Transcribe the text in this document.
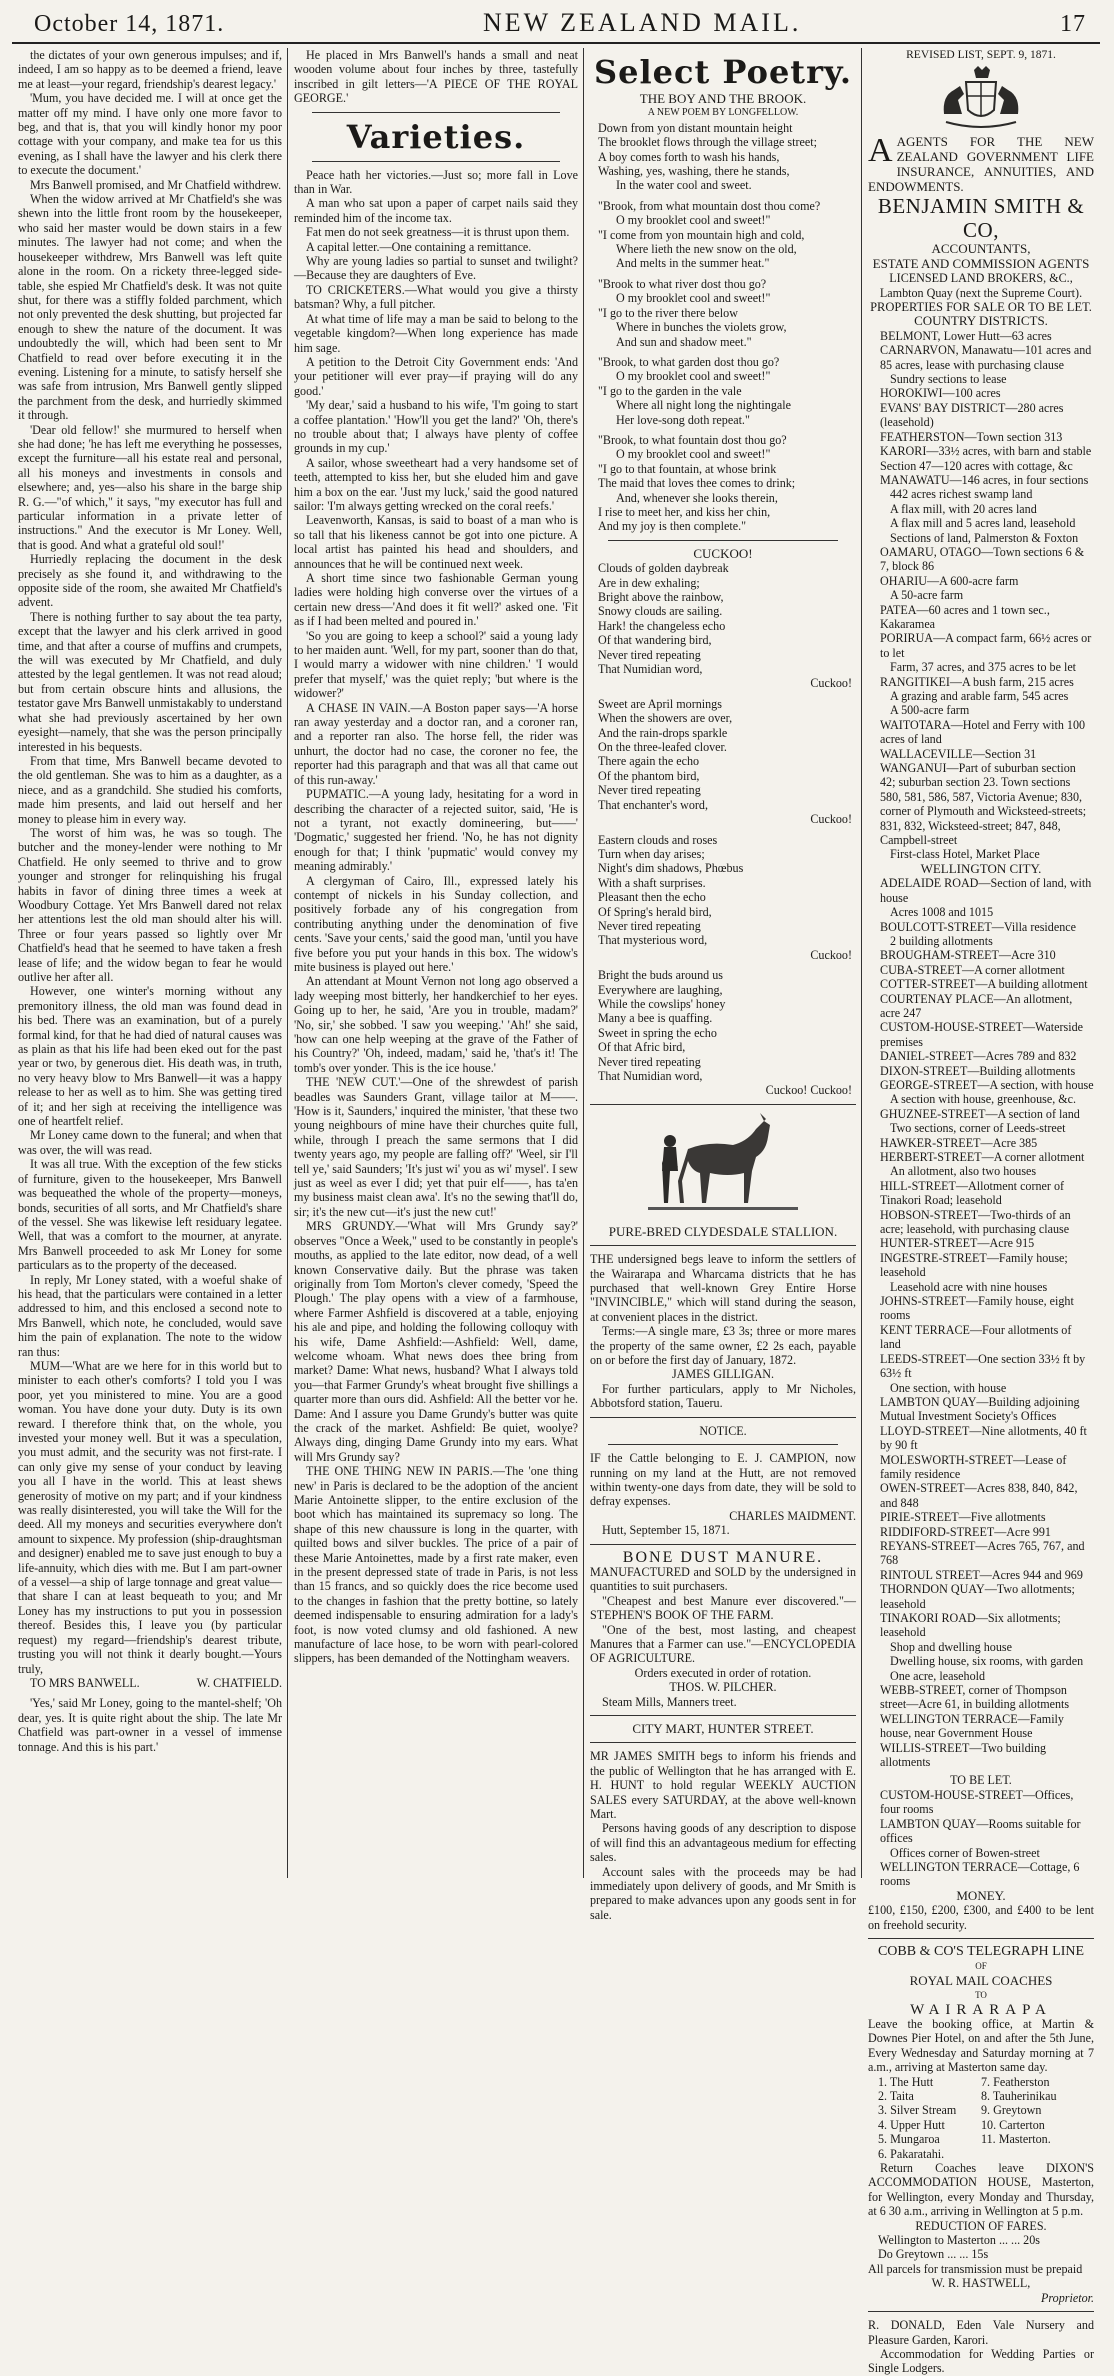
October 14, 1871.	NEW ZEALAND MAIL.	17

the dictates of your own generous impulses; and if, indeed, I am so happy as to be deemed a friend, leave me at least—your regard, friendship's dearest legacy.'

'Mum, you have decided me. I will at once get the matter off my mind. I have only one more favor to beg, and that is, that you will kindly honor my poor cottage with your company, and make tea for us this evening, as I shall have the lawyer and his clerk there to execute the document.'

Mrs Banwell promised, and Mr Chatfield withdrew.

When the widow arrived at Mr Chatfield's she was shewn into the little front room by the housekeeper, who said her master would be down stairs in a few minutes. The lawyer had not come; and when the housekeeper withdrew, Mrs Banwell was left quite alone in the room. On a rickety three-legged side-table, she espied Mr Chatfield's desk. It was not quite shut, for there was a stiffly folded parchment, which not only prevented the desk shutting, but projected far enough to shew the nature of the document. It was undoubtedly the will, which had been sent to Mr Chatfield to read over before executing it in the evening. Listening for a minute, to satisfy herself she was safe from intrusion, Mrs Banwell gently slipped the parchment from the desk, and hurriedly skimmed it through.

'Dear old fellow!' she murmured to herself when she had done; 'he has left me everything he possesses, except the furniture—all his estate real and personal, all his moneys and investments in consols and elsewhere; and, yes—also his share in the barge ship R. G.—"of which," it says, "my executor has full and particular information in a private letter of instructions." And the executor is Mr Loney. Well, that is good. And what a grateful old soul!'

Hurriedly replacing the document in the desk precisely as she found it, and withdrawing to the opposite side of the room, she awaited Mr Chatfield's advent.

There is nothing further to say about the tea party, except that the lawyer and his clerk arrived in good time, and that after a course of muffins and crumpets, the will was executed by Mr Chatfield, and duly attested by the legal gentlemen. It was not read aloud; but from certain obscure hints and allusions, the testator gave Mrs Banwell unmistakably to understand what she had previously ascertained by her own eyesight—namely, that she was the person principally interested in his bequests.

From that time, Mrs Banwell became devoted to the old gentleman. She was to him as a daughter, as a niece, and as a grandchild. She studied his comforts, made him presents, and laid out herself and her money to please him in every way.

The worst of him was, he was so tough. The butcher and the money-lender were nothing to Mr Chatfield. He only seemed to thrive and to grow younger and stronger for relinquishing his frugal habits in favor of dining three times a week at Woodbury Cottage. Yet Mrs Banwell dared not relax her attentions lest the old man should alter his will. Three or four years passed so lightly over Mr Chatfield's head that he seemed to have taken a fresh lease of life; and the widow began to fear he would outlive her after all.

However, one winter's morning without any premonitory illness, the old man was found dead in his bed. There was an examination, but of a purely formal kind, for that he had died of natural causes was as plain as that his life had been eked out for the past year or two, by generous diet. His death was, in truth, no very heavy blow to Mrs Banwell—it was a happy release to her as well as to him. She was getting tired of it; and her sigh at receiving the intelligence was one of heartfelt relief.

Mr Loney came down to the funeral; and when that was over, the will was read.

It was all true. With the exception of the few sticks of furniture, given to the housekeeper, Mrs Banwell was bequeathed the whole of the property—moneys, bonds, securities of all sorts, and Mr Chatfield's share of the vessel. She was likewise left residuary legatee. Well, that was a comfort to the mourner, at anyrate. Mrs Banwell proceeded to ask Mr Loney for some particulars as to the property of the deceased.

In reply, Mr Loney stated, with a woeful shake of his head, that the particulars were contained in a letter addressed to him, and this enclosed a second note to Mrs Banwell, which note, he concluded, would save him the pain of explanation. The note to the widow ran thus:

MUM—'What are we here for in this world but to minister to each other's comforts? I told you I was poor, yet you ministered to mine. You are a good woman. You have done your duty. Duty is its own reward. I therefore think that, on the whole, you invested your money well. But it was a speculation, you must admit, and the security was not first-rate. I can only give my sense of your conduct by leaving you all I have in the world. This at least shews generosity of motive on my part; and if your kindness was really disinterested, you will take the Will for the deed. All my moneys and securities everywhere don't amount to sixpence. My profession (ship-draughtsman and designer) enabled me to save just enough to buy a life-annuity, which dies with me. But I am part-owner of a vessel—a ship of large tonnage and great value—that share I can at least bequeath to you; and Mr Loney has my instructions to put you in possession thereof. Besides this, I leave you (by particular request) my regard—friendship's dearest tribute, trusting you will not think it dearly bought.—Yours truly,

TO MRS BANWELL.	W. CHATFIELD.

'Yes,' said Mr Loney, going to the mantel-shelf; 'Oh dear, yes. It is quite right about the ship. The late Mr Chatfield was part-owner in a vessel of immense tonnage. And this is his part.'

He placed in Mrs Banwell's hands a small and neat wooden volume about four inches by three, tastefully inscribed in gilt letters—'A PIECE OF THE ROYAL GEORGE.'

Varieties.

Peace hath her victories.—Just so; more fall in Love than in War.

A man who sat upon a paper of carpet nails said they reminded him of the income tax.

Fat men do not seek greatness—it is thrust upon them.

A capital letter.—One containing a remittance.

Why are young ladies so partial to sunset and twilight?—Because they are daughters of Eve.

TO CRICKETERS.—What would you give a thirsty batsman? Why, a full pitcher.

At what time of life may a man be said to belong to the vegetable kingdom?—When long experience has made him sage.

A petition to the Detroit City Government ends: 'And your petitioner will ever pray—if praying will do any good.'

'My dear,' said a husband to his wife, 'I'm going to start a coffee plantation.' 'How'll you get the land?' 'Oh, there's no trouble about that; I always have plenty of coffee grounds in my cup.'

A sailor, whose sweetheart had a very handsome set of teeth, attempted to kiss her, but she eluded him and gave him a box on the ear. 'Just my luck,' said the good natured sailor: 'I'm always getting wrecked on the coral reefs.'

Leavenworth, Kansas, is said to boast of a man who is so tall that his likeness cannot be got into one picture. A local artist has painted his head and shoulders, and announces that he will be continued next week.

A short time since two fashionable German young ladies were holding high converse over the virtues of a certain new dress—'And does it fit well?' asked one. 'Fit as if I had been melted and poured in.'

'So you are going to keep a school?' said a young lady to her maiden aunt. 'Well, for my part, sooner than do that, I would marry a widower with nine children.' 'I would prefer that myself,' was the quiet reply; 'but where is the widower?'

A CHASE IN VAIN.—A Boston paper says—'A horse ran away yesterday and a doctor ran, and a coroner ran, and a reporter ran also. The horse fell, the rider was unhurt, the doctor had no case, the coroner no fee, the reporter had this paragraph and that was all that came out of this run-away.'

PUPMATIC.—A young lady, hesitating for a word in describing the character of a rejected suitor, said, 'He is not a tyrant, not exactly domineering, but——' 'Dogmatic,' suggested her friend. 'No, he has not dignity enough for that; I think 'pupmatic' would convey my meaning admirably.'

A clergyman of Cairo, Ill., expressed lately his contempt of nickels in his Sunday collection, and positively forbade any of his congregation from contributing anything under the denomination of five cents. 'Save your cents,' said the good man, 'until you have five before you put your hands in this box. The widow's mite business is played out here.'

An attendant at Mount Vernon not long ago observed a lady weeping most bitterly, her handkerchief to her eyes. Going up to her, he said, 'Are you in trouble, madam?' 'No, sir,' she sobbed. 'I saw you weeping.' 'Ah!' she said, 'how can one help weeping at the grave of the Father of his Country?' 'Oh, indeed, madam,' said he, 'that's it! The tomb's over yonder. This is the ice house.'

THE 'NEW CUT.'—One of the shrewdest of parish beadles was Saunders Grant, village tailor at M——. 'How is it, Saunders,' inquired the minister, 'that these two young neighbours of mine have their churches quite full, while, through I preach the same sermons that I did twenty years ago, my people are falling off?' 'Weel, sir I'll tell ye,' said Saunders; 'It's just wi' you as wi' mysel'. I sew just as weel as ever I did; yet that puir elf——, has ta'en my business maist clean awa'. It's no the sewing that'll do, sir; it's the new cut—it's just the new cut!'

MRS GRUNDY.—'What will Mrs Grundy say?' observes "Once a Week," used to be constantly in people's mouths, as applied to the late editor, now dead, of a well known Conservative daily. But the phrase was taken originally from Tom Morton's clever comedy, 'Speed the Plough.' The play opens with a view of a farmhouse, where Farmer Ashfield is discovered at a table, enjoying his ale and pipe, and holding the following colloquy with his wife, Dame Ashfield:—Ashfield: Well, dame, welcome whoam. What news does thee bring from market? Dame: What news, husband? What I always told you—that Farmer Grundy's wheat brought five shillings a quarter more than ours did. Ashfield: All the better vor he. Dame: And I assure you Dame Grundy's butter was quite the crack of the market. Ashfield: Be quiet, woolye? Always ding, dinging Dame Grundy into my ears. What will Mrs Grundy say?

THE ONE THING NEW IN PARIS.—The 'one thing new' in Paris is declared to be the adoption of the ancient Marie Antoinette slipper, to the entire exclusion of the boot which has maintained its supremacy so long. The shape of this new chaussure is long in the quarter, with quilted bows and silver buckles. The price of a pair of these Marie Antoinettes, made by a first rate maker, even in the present depressed state of trade in Paris, is not less than 15 francs, and so quickly does the rice become used to the changes in fashion that the pretty bottine, so lately deemed indispensable to ensuring admiration for a lady's foot, is now voted clumsy and old fashioned. A new manufacture of lace hose, to be worn with pearl-colored slippers, has been demanded of the Nottingham weavers.

Select Poetry.

THE BOY AND THE BROOK.

A NEW POEM BY LONGFELLOW.

Down from yon distant mountain height

The brooklet flows through the village street;

A boy comes forth to wash his hands,

Washing, yes, washing, there he stands,

In the water cool and sweet.

"Brook, from what mountain dost thou come?

O my brooklet cool and sweet!"

"I come from yon mountain high and cold,

Where lieth the new snow on the old,

And melts in the summer heat."

"Brook to what river dost thou go?

O my brooklet cool and sweet!"

"I go to the river there below

Where in bunches the violets grow,

And sun and shadow meet."

"Brook, to what garden dost thou go?

O my brooklet cool and sweet!"

"I go to the garden in the vale

Where all night long the nightingale

Her love-song doth repeat."

"Brook, to what fountain dost thou go?

O my brooklet cool and sweet!"

"I go to that fountain, at whose brink

The maid that loves thee comes to drink;

And, whenever she looks therein,

I rise to meet her, and kiss her chin,

And my joy is then complete."

CUCKOO!

Clouds of golden daybreak

Are in dew exhaling;

Bright above the rainbow,

Snowy clouds are sailing.

Hark! the changeless echo

Of that wandering bird,

Never tired repeating

That Numidian word,

Cuckoo!

Sweet are April mornings

When the showers are over,

And the rain-drops sparkle

On the three-leafed clover.

There again the echo

Of the phantom bird,

Never tired repeating

That enchanter's word,

Cuckoo!

Eastern clouds and roses

Turn when day arises;

Night's dim shadows, Phœbus

With a shaft surprises.

Pleasant then the echo

Of Spring's herald bird,

Never tired repeating

That mysterious word,

Cuckoo!

Bright the buds around us

Everywhere are laughing,

While the cowslips' honey

Many a bee is quaffing.

Sweet in spring the echo

Of that Afric bird,

Never tired repeating

That Numidian word,

Cuckoo! Cuckoo!

PURE-BRED CLYDESDALE STALLION.

THE undersigned begs leave to inform the settlers of the Wairarapa and Wharcama districts that he has purchased that well-known Grey Entire Horse "INVINCIBLE," which will stand during the season, at convenient places in the district.

Terms:—A single mare, £3 3s; three or more mares the property of the same owner, £2 2s each, payable on or before the first day of January, 1872.

JAMES GILLIGAN.

For further particulars, apply to Mr Nicholes, Abbotsford station, Taueru.

NOTICE.

IF the Cattle belonging to E. J. CAMPION, now running on my land at the Hutt, are not removed within twenty-one days from date, they will be sold to defray expenses.

CHARLES MAIDMENT.

Hutt, September 15, 1871.

BONE DUST MANURE.

MANUFACTURED and SOLD by the undersigned in quantities to suit purchasers.

"Cheapest and best Manure ever discovered."—STEPHEN'S BOOK OF THE FARM.

"One of the best, most lasting, and cheapest Manures that a Farmer can use."—ENCYCLOPEDIA OF AGRICULTURE.

Orders executed in order of rotation.

THOS. W. PILCHER.

Steam Mills, Manners treet.

CITY MART, HUNTER STREET.

MR JAMES SMITH begs to inform his friends and the public of Wellington that he has arranged with E. H. HUNT to hold regular WEEKLY AUCTION SALES every SATURDAY, at the above well-known Mart.

Persons having goods of any description to dispose of will find this an advantageous medium for effecting sales.

Account sales with the proceeds may be had immediately upon delivery of goods, and Mr Smith is prepared to make advances upon any goods sent in for sale.

REVISED LIST, SEPT. 9, 1871.

AAGENTS FOR THE NEW ZEALAND GOVERNMENT LIFE INSURANCE, ANNUITIES, AND ENDOWMENTS.

BENJAMIN SMITH & CO,

ACCOUNTANTS,

ESTATE AND COMMISSION AGENTS

LICENSED LAND BROKERS, &C.,

Lambton Quay (next the Supreme Court).

PROPERTIES FOR SALE OR TO BE LET.

COUNTRY DISTRICTS.

BELMONT, Lower Hutt—63 acres

CARNARVON, Manawatu—101 acres and 85 acres, lease with purchasing clause

Sundry sections to lease

HOROKIWI—100 acres

EVANS' BAY DISTRICT—280 acres (leasehold)

FEATHERSTON—Town section 313

KARORI—33½ acres, with barn and stable

Section 47—120 acres with cottage, &c

MANAWATU—146 acres, in four sections

442 acres richest swamp land

A flax mill, with 20 acres land

A flax mill and 5 acres land, leasehold

Sections of land, Palmerston & Foxton

OAMARU, OTAGO—Town sections 6 & 7, block 86

OHARIU—A 600-acre farm

A 50-acre farm

PATEA—60 acres and 1 town sec., Kakaramea

PORIRUA—A compact farm, 66½ acres or to let

Farm, 37 acres, and 375 acres to be let

RANGITIKEI—A bush farm, 215 acres

A grazing and arable farm, 545 acres

A 500-acre farm

WAITOTARA—Hotel and Ferry with 100 acres of land

WALLACEVILLE—Section 31

WANGANUI—Part of suburban section 42; suburban section 23. Town sections 580, 581, 586, 587, Victoria Avenue; 830, corner of Plymouth and Wicksteed-streets; 831, 832, Wicksteed-street; 847, 848, Campbell-street

First-class Hotel, Market Place

WELLINGTON CITY.

ADELAIDE ROAD—Section of land, with house

Acres 1008 and 1015

BOULCOTT-STREET—Villa residence

2 building allotments

BROUGHAM-STREET—Acre 310

CUBA-STREET—A corner allotment

COTTER-STREET—A building allotment

COURTENAY PLACE—An allotment, acre 247

CUSTOM-HOUSE-STREET—Waterside premises

DANIEL-STREET—Acres 789 and 832

DIXON-STREET—Building allotments

GEORGE-STREET—A section, with house

A section with house, greenhouse, &c.

GHUZNEE-STREET—A section of land

Two sections, corner of Leeds-street

HAWKER-STREET—Acre 385

HERBERT-STREET—A corner allotment

An allotment, also two houses

HILL-STREET—Allotment corner of Tinakori Road; leasehold

HOBSON-STREET—Two-thirds of an acre; leasehold, with purchasing clause

HUNTER-STREET—Acre 915

INGESTRE-STREET—Family house; leasehold

Leasehold acre with nine houses

JOHNS-STREET—Family house, eight rooms

KENT TERRACE—Four allotments of land

LEEDS-STREET—One section 33½ ft by 63½ ft

One section, with house

LAMBTON QUAY—Building adjoining Mutual Investment Society's Offices

LLOYD-STREET—Nine allotments, 40 ft by 90 ft

MOLESWORTH-STREET—Lease of family residence

OWEN-STREET—Acres 838, 840, 842, and 848

PIRIE-STREET—Five allotments

RIDDIFORD-STREET—Acre 991

REYANS-STREET—Acres 765, 767, and 768

RINTOUL STREET—Acres 944 and 969

THORNDON QUAY—Two allotments; leasehold

TINAKORI ROAD—Six allotments; leasehold

Shop and dwelling house

Dwelling house, six rooms, with garden

One acre, leasehold

WEBB-STREET, corner of Thompson street—Acre 61, in building allotments

WELLINGTON TERRACE—Family house, near Government House

WILLIS-STREET—Two building allotments

TO BE LET.

CUSTOM-HOUSE-STREET—Offices, four rooms

LAMBTON QUAY—Rooms suitable for offices

Offices corner of Bowen-street

WELLINGTON TERRACE—Cottage, 6 rooms

MONEY.

£100, £150, £200, £300, and £400 to be lent on freehold security.

COBB & CO'S TELEGRAPH LINE

OF

ROYAL MAIL COACHES

TO

WAIRARAPA

Leave the booking office, at Martin & Downes Pier Hotel, on and after the 5th June, Every Wednesday and Saturday morning at 7 a.m., arriving at Masterton same day.

1. The Hutt	7. Featherston
2. Taita	8. Tauherinikau
3. Silver Stream	9. Greytown
4. Upper Hutt	10. Carterton
5. Mungaroa	11. Masterton.
6. Pakaratahi.

Return Coaches leave DIXON'S ACCOMMODATION HOUSE, Masterton, for Wellington, every Monday and Thursday, at 6 30 a.m., arriving in Wellington at 5 p.m.

REDUCTION OF FARES.

Wellington to Masterton ... ... 20s

Do Greytown ... ... 15s

All parcels for transmission must be prepaid

W. R. HASTWELL,

Proprietor.

R. DONALD, Eden Vale Nursery and Pleasure Garden, Karori.

Accommodation for Wedding Parties or Single Lodgers.
